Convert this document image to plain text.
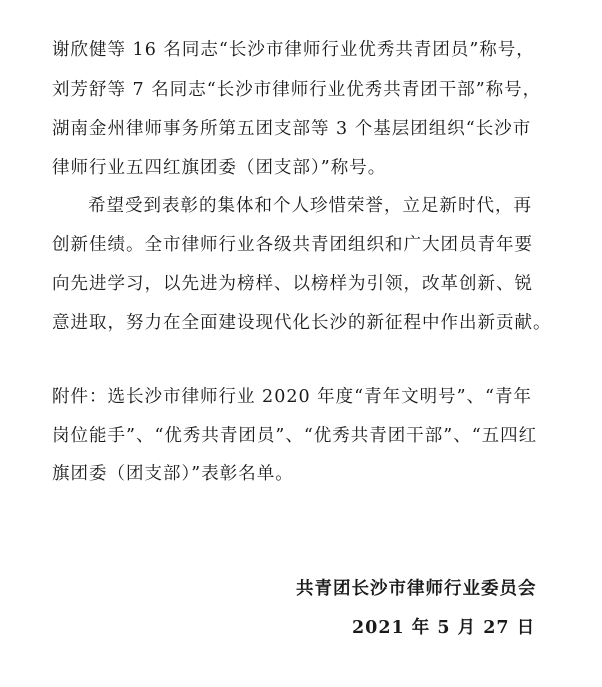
谢欣健等 16 名同志“长沙市律师行业优秀共青团员”称号，
刘芳舒等 7 名同志“长沙市律师行业优秀共青团干部”称号，
湖南金州律师事务所第五团支部等 3 个基层团组织“长沙市
律师行业五四红旗团委（团支部）”称号。
希望受到表彰的集体和个人珍惜荣誉，立足新时代，再
创新佳绩。全市律师行业各级共青团组织和广大团员青年要
向先进学习，以先进为榜样、以榜样为引领，改革创新、锐
意进取，努力在全面建设现代化长沙的新征程中作出新贡献。
附件：选长沙市律师行业 2020 年度“青年文明号”、“青年
岗位能手”、“优秀共青团员”、“优秀共青团干部”、“五四红
旗团委（团支部）”表彰名单。
共青团长沙市律师行业委员会
2021 年 5 月 27 日
